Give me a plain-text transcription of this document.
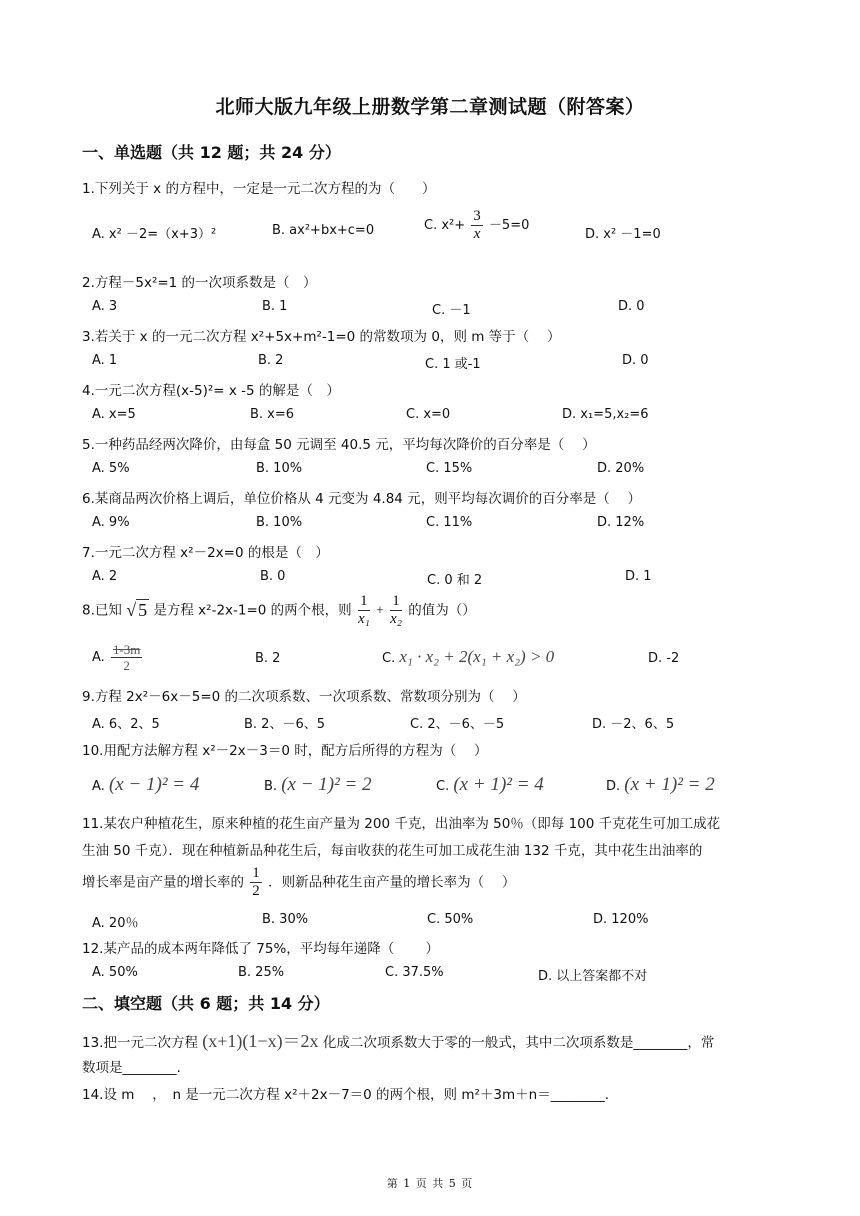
北师大版九年级上册数学第二章测试题（附答案）
一、单选题（共 12 题；共 24 分）
1.下列关于 x 的方程中，一定是一元二次方程的为（　　）
A. x² －2=（x+3）²	B. ax²+bx+c=0	C. $x^2+ \frac{3}{x} -5=0$
D. x² －1=0
2.方程－5x²=1 的一次项系数是（　）
A. 3	B. 1	C. －1	D. 0
3.若关于 x 的一元二次方程 x²+5x+m²-1=0 的常数项为 0，则 m 等于（　 ）
A. 1	B. 2	C. 1 或-1	D. 0
4.一元二次方程(x-5)²= x -5 的解是（　）
A. x=5	B. x=6	C. x=0	D. x₁=5,x₂=6
5.一种药品经两次降价，由每盒 50 元调至 40.5 元，平均每次降价的百分率是（　 ）
A. 5%	B. 10%	C. 15%	D. 20%
6.某商品两次价格上调后，单位价格从 4 元变为 4.84 元，则平均每次调价的百分率是（　 ）
A. 9%	B. 10%	C. 11%	D. 12%
7.一元二次方程 x²－2x=0 的根是（　）
A. 2	B. 0	C. 0 和 2	D. 1
8.已知 √ 5 是方程 x²-2x-1=0 的两个根，则 $\frac{1}{\text{x₁}} + \frac{1}{\text{x₂}}$ 的值为（）
A. $\frac{1-3m}{2}$	B. 2	C. x₁ · x₂ + 2(x₁ + x₂) > 0	D. -2
9.方程 2x²－6x－5=0 的二次项系数、一次项系数、常数项分别为（　 ）
A. 6、2、5	B. 2、－6、5	C. 2、－6、－5	D. －2、6、5
10.用配方法解方程 x²－2x－3＝0 时，配方后所得的方程为（　 ）
A. (x − 1)² = 4	B. (x − 1)² = 2	C. (x + 1)² = 4	D. (x + 1)² = 2
11.某农户种植花生，原来种植的花生亩产量为 200 千克，出油率为 50％（即每 100 千克花生可加工成花
生油 50 千克）．现在种植新品种花生后，每亩收获的花生可加工成花生油 132 千克，其中花生出油率的
增长率是亩产量的增长率的 $\frac{1}{2}$ ．则新品种花生亩产量的增长率为（　 ）
A. 20％	B. 30%	C. 50%	D. 120%
12.某产品的成本两年降低了 75%，平均每年递降（　　 ）
A. 50%	B. 25%	C. 37.5%	D. 以上答案都不对
二、填空题（共 6 题；共 14 分）
13.把一元二次方程 (x+1)(1−x)＝2x 化成二次项系数大于零的一般式，其中二次项系数是________，常
数项是________.
14.设 m　 ，　n 是一元二次方程 x²＋2x－7＝0 的两个根，则 m²＋3m＋n＝________.
第 1 页 共 5 页
